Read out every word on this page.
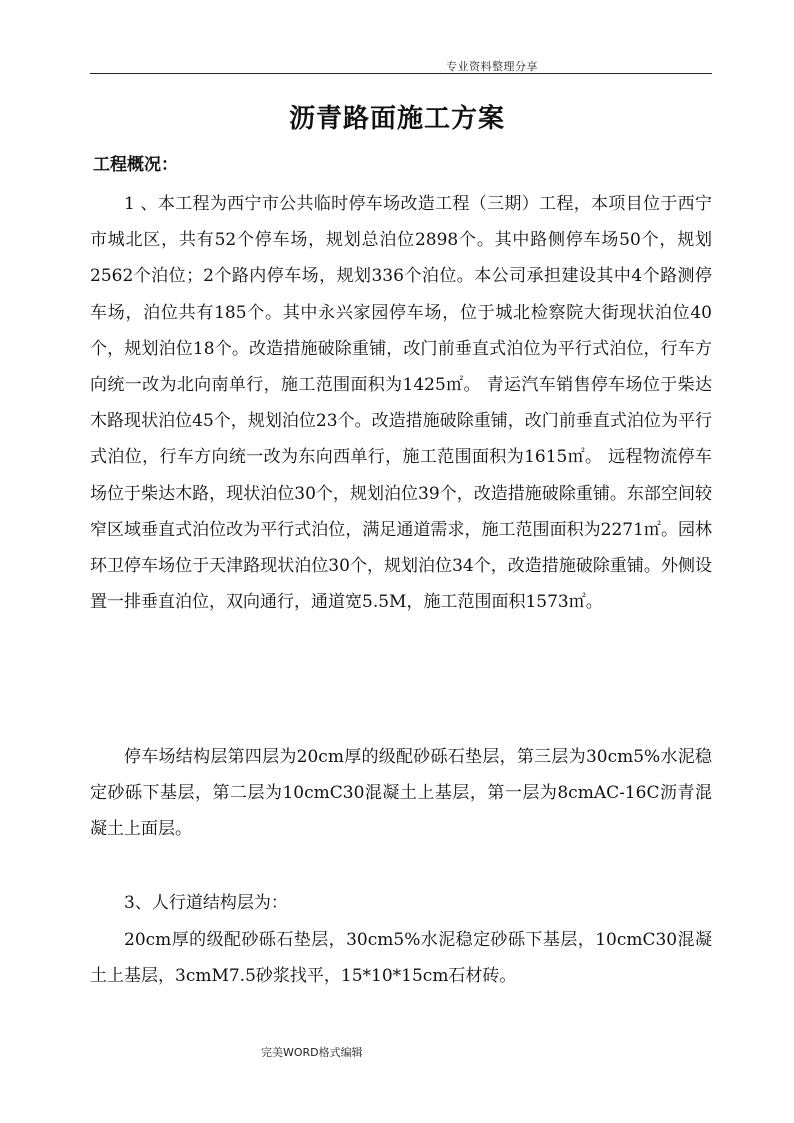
专业资料整理分享
沥青路面施工方案
工程概况：

1 、本工程为西宁市公共临时停车场改造工程（三期）工程，本项目位于西宁市城北区，共有52个停车场，规划总泊位2898个。其中路侧停车场50个，规划2562个泊位；2个路内停车场，规划336个泊位。本公司承担建设其中4个路测停车场，泊位共有185个。其中永兴家园停车场，位于城北检察院大街现状泊位40个，规划泊位18个。改造措施破除重铺，改门前垂直式泊位为平行式泊位，行车方向统一改为北向南单行，施工范围面积为1425㎡。 青运汽车销售停车场位于柴达木路现状泊位45个，规划泊位23个。改造措施破除重铺，改门前垂直式泊位为平行式泊位，行车方向统一改为东向西单行，施工范围面积为1615㎡。 远程物流停车场位于柴达木路，现状泊位30个，规划泊位39个，改造措施破除重铺。东部空间较窄区域垂直式泊位改为平行式泊位，满足通道需求，施工范围面积为2271㎡。园林环卫停车场位于天津路现状泊位30个，规划泊位34个，改造措施破除重铺。外侧设置一排垂直泊位，双向通行，通道宽5.5M，施工范围面积1573㎡。

停车场结构层第四层为20cm厚的级配砂砾石垫层，第三层为30cm5%水泥稳定砂砾下基层，第二层为10cmC30混凝土上基层，第一层为8cmAC-16C沥青混凝土上面层。

3、人行道结构层为：

20cm厚的级配砂砾石垫层，30cm5%水泥稳定砂砾下基层，10cmC30混凝土上基层，3cmM7.5砂浆找平，15*10*15cm石材砖。

完美WORD格式编辑
